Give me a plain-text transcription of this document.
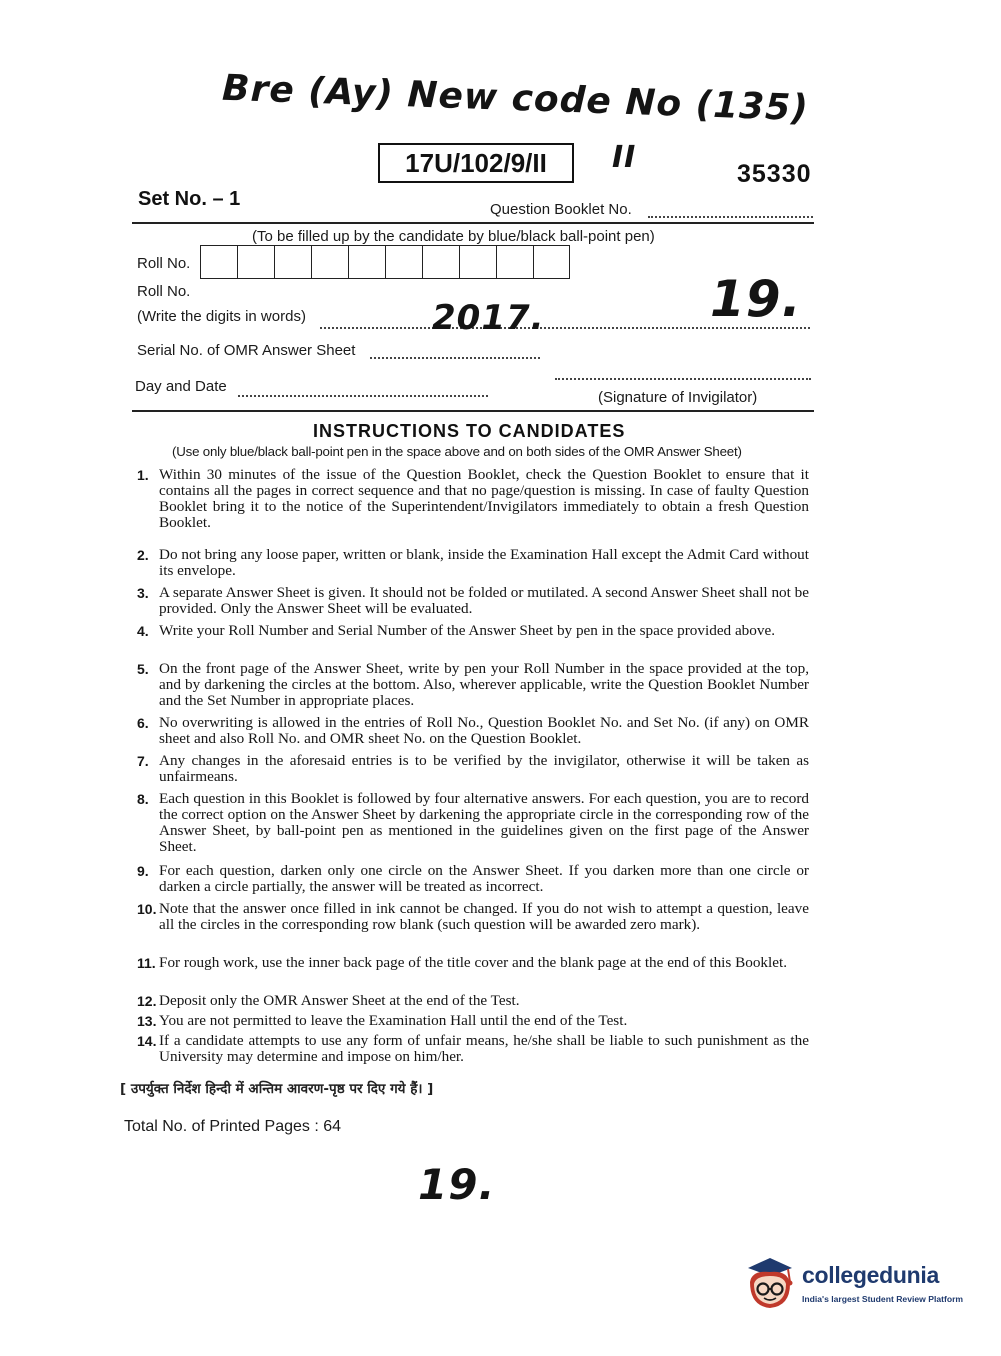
Bre (Ay) New code No (135)
17U/102/9/II	II	35330
Set No. – 1	Question Booklet No.
(To be filled up by the candidate by blue/black ball-point pen)
Roll No.
Roll No.
(Write the digits in words)	2017.	19.
Serial No. of OMR Answer Sheet
Day and Date
(Signature of Invigilator)
INSTRUCTIONS TO CANDIDATES
(Use only blue/black ball-point pen in the space above and on both sides of the OMR Answer Sheet)
1. Within 30 minutes of the issue of the Question Booklet, check the Question Booklet to ensure that it contains all the pages in correct sequence and that no page/question is missing. In case of faulty Question Booklet bring it to the notice of the Superintendent/Invigilators immediately to obtain a fresh Question Booklet.
2. Do not bring any loose paper, written or blank, inside the Examination Hall except the Admit Card without its envelope.
3. A separate Answer Sheet is given. It should not be folded or mutilated. A second Answer Sheet shall not be provided. Only the Answer Sheet will be evaluated.
4. Write your Roll Number and Serial Number of the Answer Sheet by pen in the space provided above.
5. On the front page of the Answer Sheet, write by pen your Roll Number in the space provided at the top, and by darkening the circles at the bottom. Also, wherever applicable, write the Question Booklet Number and the Set Number in appropriate places.
6. No overwriting is allowed in the entries of Roll No., Question Booklet No. and Set No. (if any) on OMR sheet and also Roll No. and OMR sheet No. on the Question Booklet.
7. Any changes in the aforesaid entries is to be verified by the invigilator, otherwise it will be taken as unfairmeans.
8. Each question in this Booklet is followed by four alternative answers. For each question, you are to record the correct option on the Answer Sheet by darkening the appropriate circle in the corresponding row of the Answer Sheet, by ball-point pen as mentioned in the guidelines given on the first page of the Answer Sheet.
9. For each question, darken only one circle on the Answer Sheet. If you darken more than one circle or darken a circle partially, the answer will be treated as incorrect.
10. Note that the answer once filled in ink cannot be changed. If you do not wish to attempt a question, leave all the circles in the corresponding row blank (such question will be awarded zero mark).
11. For rough work, use the inner back page of the title cover and the blank page at the end of this Booklet.
12. Deposit only the OMR Answer Sheet at the end of the Test.
13. You are not permitted to leave the Examination Hall until the end of the Test.
14. If a candidate attempts to use any form of unfair means, he/she shall be liable to such punishment as the University may determine and impose on him/her.
[ उपर्युक्त निर्देश हिन्दी में अन्तिम आवरण-पृष्ठ पर दिए गये हैं। ]
Total No. of Printed Pages : 64
19.
collegedunia
India's largest Student Review Platform
